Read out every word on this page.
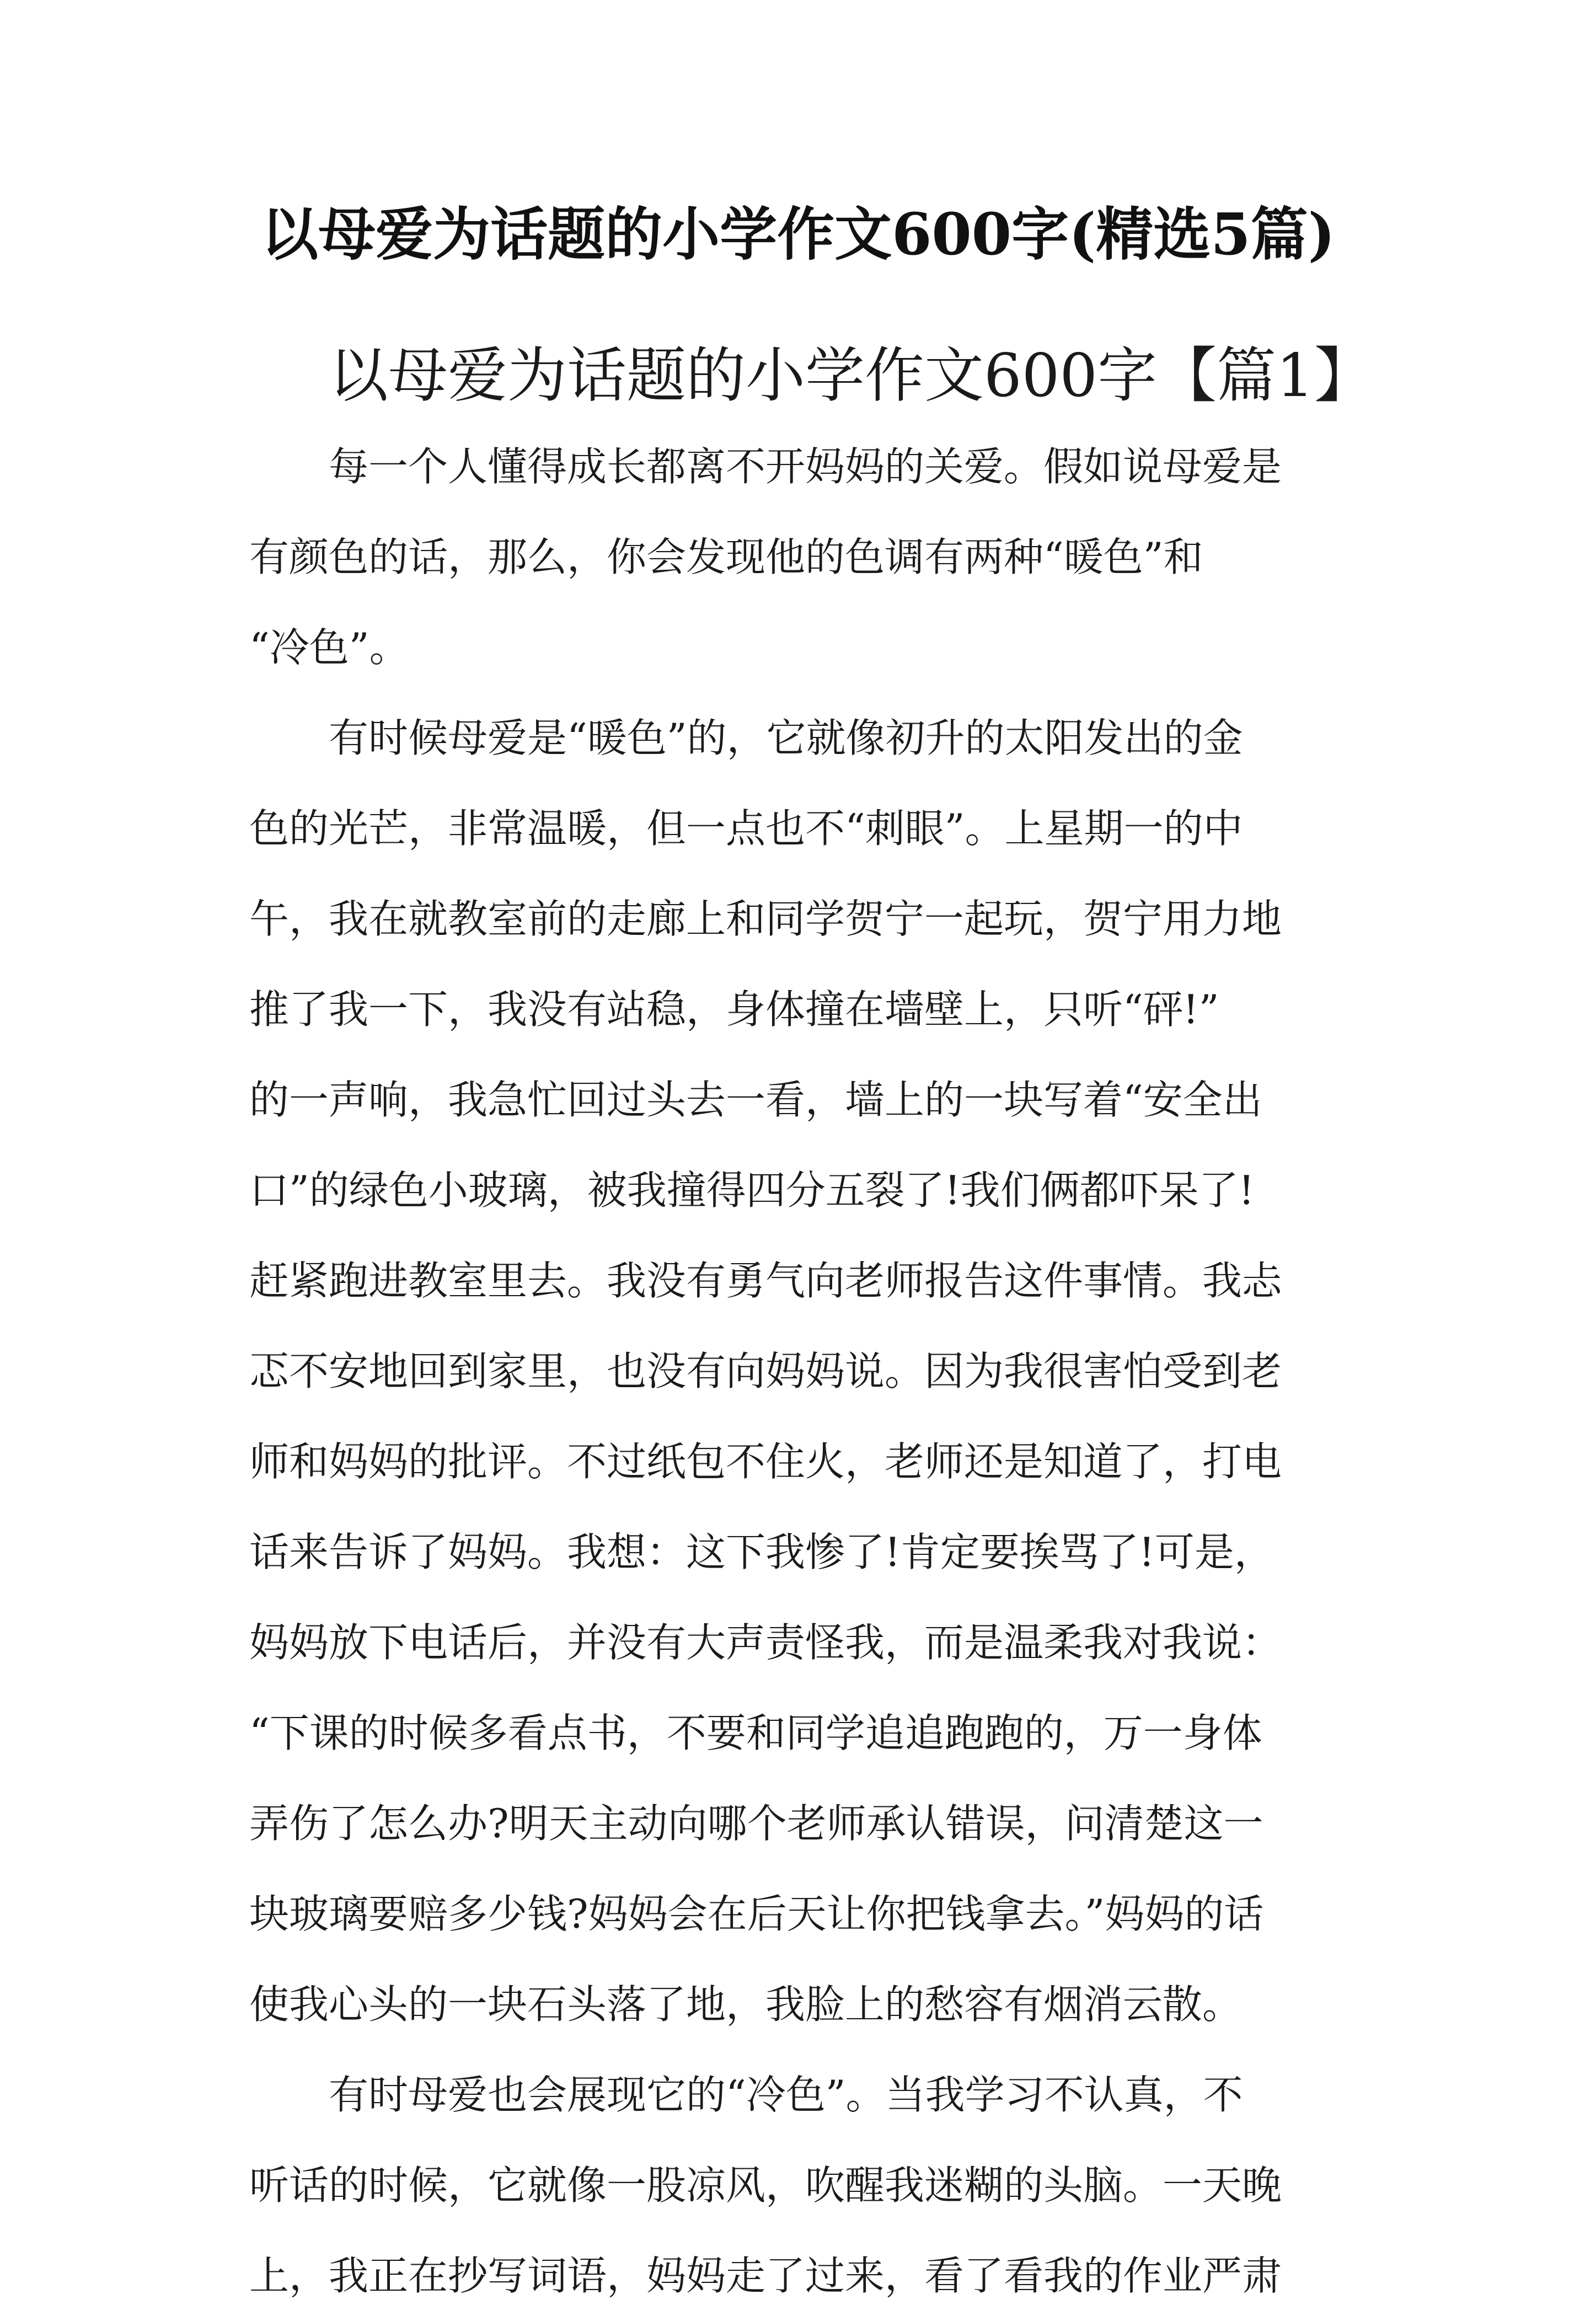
以母爱为话题的小学作文600字(精选5篇)
以母爱为话题的小学作文600字【篇1】

每一个人懂得成长都离不开妈妈的关爱。假如说母爱是
有颜色的话，那么，你会发现他的色调有两种“暖色”和
“冷色”。

有时候母爱是“暖色”的，它就像初升的太阳发出的金
色的光芒，非常温暖，但一点也不“刺眼”。上星期一的中
午，我在就教室前的走廊上和同学贺宁一起玩，贺宁用力地
推了我一下，我没有站稳，身体撞在墙壁上，只听“砰!”
的一声响，我急忙回过头去一看，墙上的一块写着“安全出
口”的绿色小玻璃，被我撞得四分五裂了!我们俩都吓呆了!
赶紧跑进教室里去。我没有勇气向老师报告这件事情。我忐
忑不安地回到家里，也没有向妈妈说。因为我很害怕受到老
师和妈妈的批评。不过纸包不住火，老师还是知道了，打电
话来告诉了妈妈。我想：这下我惨了!肯定要挨骂了!可是，
妈妈放下电话后，并没有大声责怪我，而是温柔我对我说：
“下课的时候多看点书，不要和同学追追跑跑的，万一身体
弄伤了怎么办?明天主动向哪个老师承认错误，问清楚这一
块玻璃要赔多少钱?妈妈会在后天让你把钱拿去。”妈妈的话
使我心头的一块石头落了地，我脸上的愁容有烟消云散。

有时母爱也会展现它的“冷色”。当我学习不认真，不
听话的时候，它就像一股凉风，吹醒我迷糊的头脑。一天晚
上，我正在抄写词语，妈妈走了过来，看了看我的作业严肃
